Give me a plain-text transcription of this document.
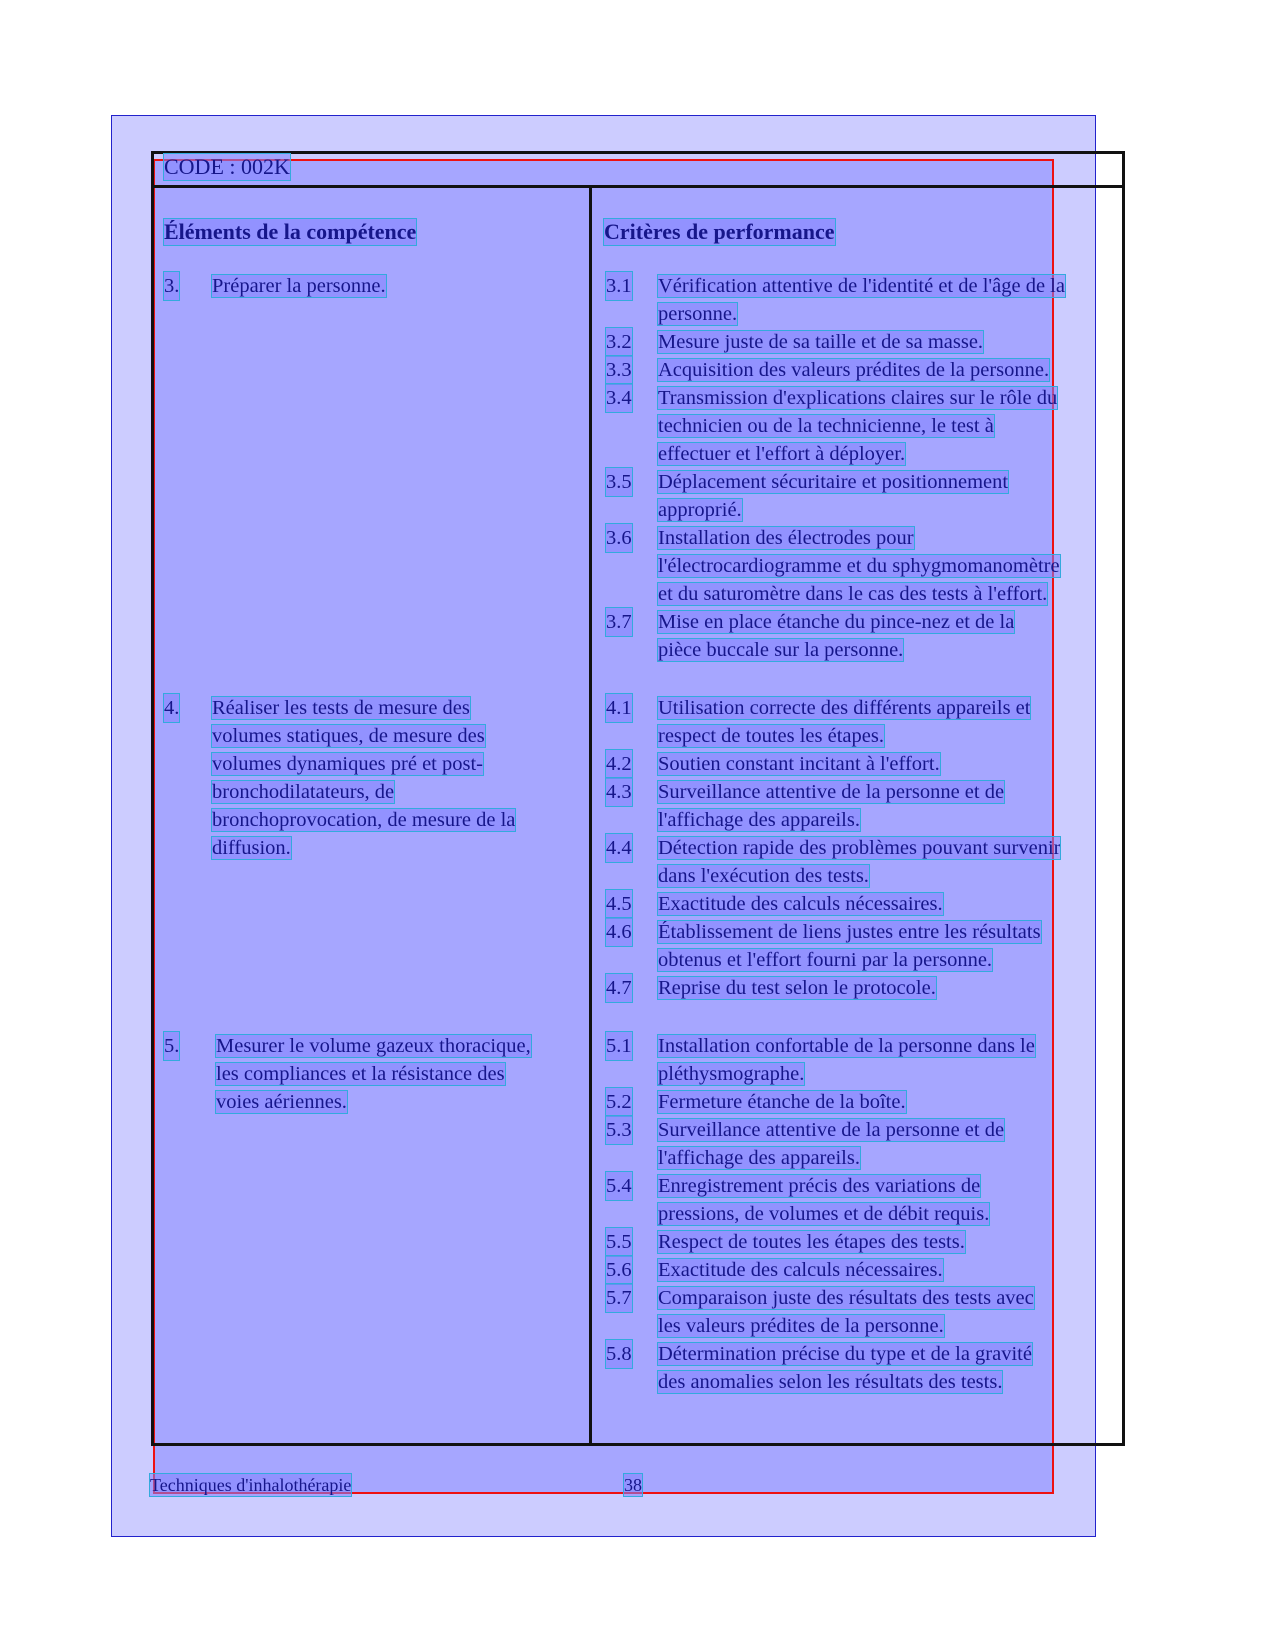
CODE : 002K
Éléments de la compétence	Critères de performance
3. Préparer la personne.
4. Réaliser les tests de mesure des
volumes statiques, de mesure des
volumes dynamiques pré et post-
bronchodilatateurs, de
bronchoprovocation, de mesure de la
diffusion.
5. Mesurer le volume gazeux thoracique,
les compliances et la résistance des
voies aériennes.
3.1 Vérification attentive de l'identité et de l'âge de la
personne.
3.2 Mesure juste de sa taille et de sa masse.
3.3 Acquisition des valeurs prédites de la personne.
3.4 Transmission d'explications claires sur le rôle du
technicien ou de la technicienne, le test à
effectuer et l'effort à déployer.
3.5 Déplacement sécuritaire et positionnement
approprié.
3.6 Installation des électrodes pour
l'électrocardiogramme et du sphygmomanomètre
et du saturomètre dans le cas des tests à l'effort.
3.7 Mise en place étanche du pince-nez et de la
pièce buccale sur la personne.
4.1 Utilisation correcte des différents appareils et
respect de toutes les étapes.
4.2 Soutien constant incitant à l'effort.
4.3 Surveillance attentive de la personne et de
l'affichage des appareils.
4.4 Détection rapide des problèmes pouvant survenir
dans l'exécution des tests.
4.5 Exactitude des calculs nécessaires.
4.6 Établissement de liens justes entre les résultats
obtenus et l'effort fourni par la personne.
4.7 Reprise du test selon le protocole.
5.1 Installation confortable de la personne dans le
pléthysmographe.
5.2 Fermeture étanche de la boîte.
5.3 Surveillance attentive de la personne et de
l'affichage des appareils.
5.4 Enregistrement précis des variations de
pressions, de volumes et de débit requis.
5.5 Respect de toutes les étapes des tests.
5.6 Exactitude des calculs nécessaires.
5.7 Comparaison juste des résultats des tests avec
les valeurs prédites de la personne.
5.8 Détermination précise du type et de la gravité
des anomalies selon les résultats des tests.
Techniques d'inhalothérapie	38
